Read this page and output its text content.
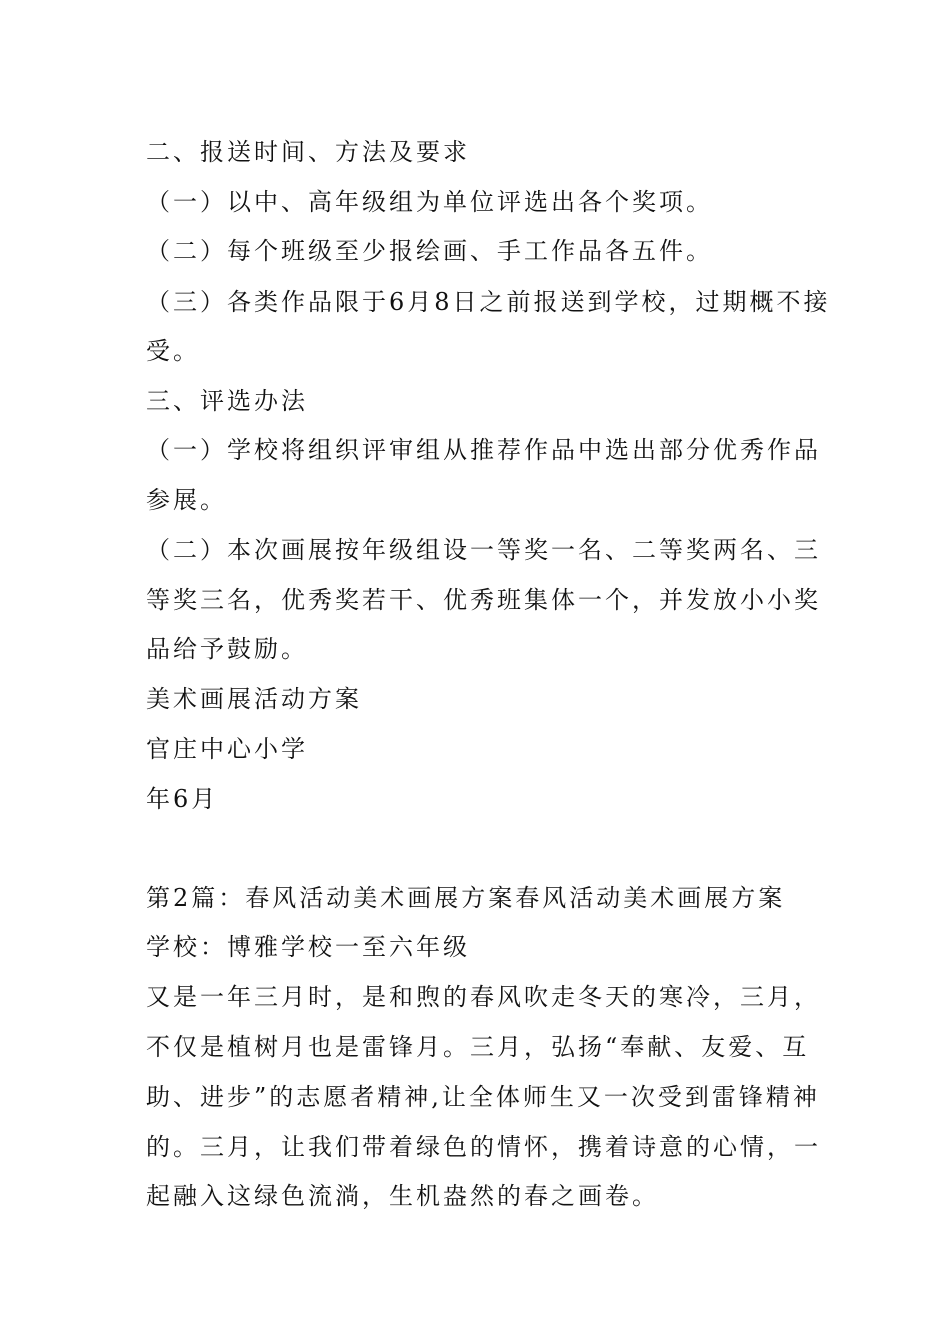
二、报送时间、方法及要求
（一）以中、高年级组为单位评选出各个奖项。
（二）每个班级至少报绘画、手工作品各五件。
（三）各类作品限于6月8日之前报送到学校，过期概不接
受。
三、评选办法
（一）学校将组织评审组从推荐作品中选出部分优秀作品
参展。
（二）本次画展按年级组设一等奖一名、二等奖两名、三
等奖三名，优秀奖若干、优秀班集体一个，并发放小小奖
品给予鼓励。
美术画展活动方案
官庄中心小学
年6月
第2篇：春风活动美术画展方案春风活动美术画展方案
学校：博雅学校一至六年级
又是一年三月时，是和煦的春风吹走冬天的寒冷，三月，
不仅是植树月也是雷锋月。三月，弘扬“奉献、友爱、互
助、进步”的志愿者精神,让全体师生又一次受到雷锋精神
的。三月，让我们带着绿色的情怀，携着诗意的心情，一
起融入这绿色流淌，生机盎然的春之画卷。
